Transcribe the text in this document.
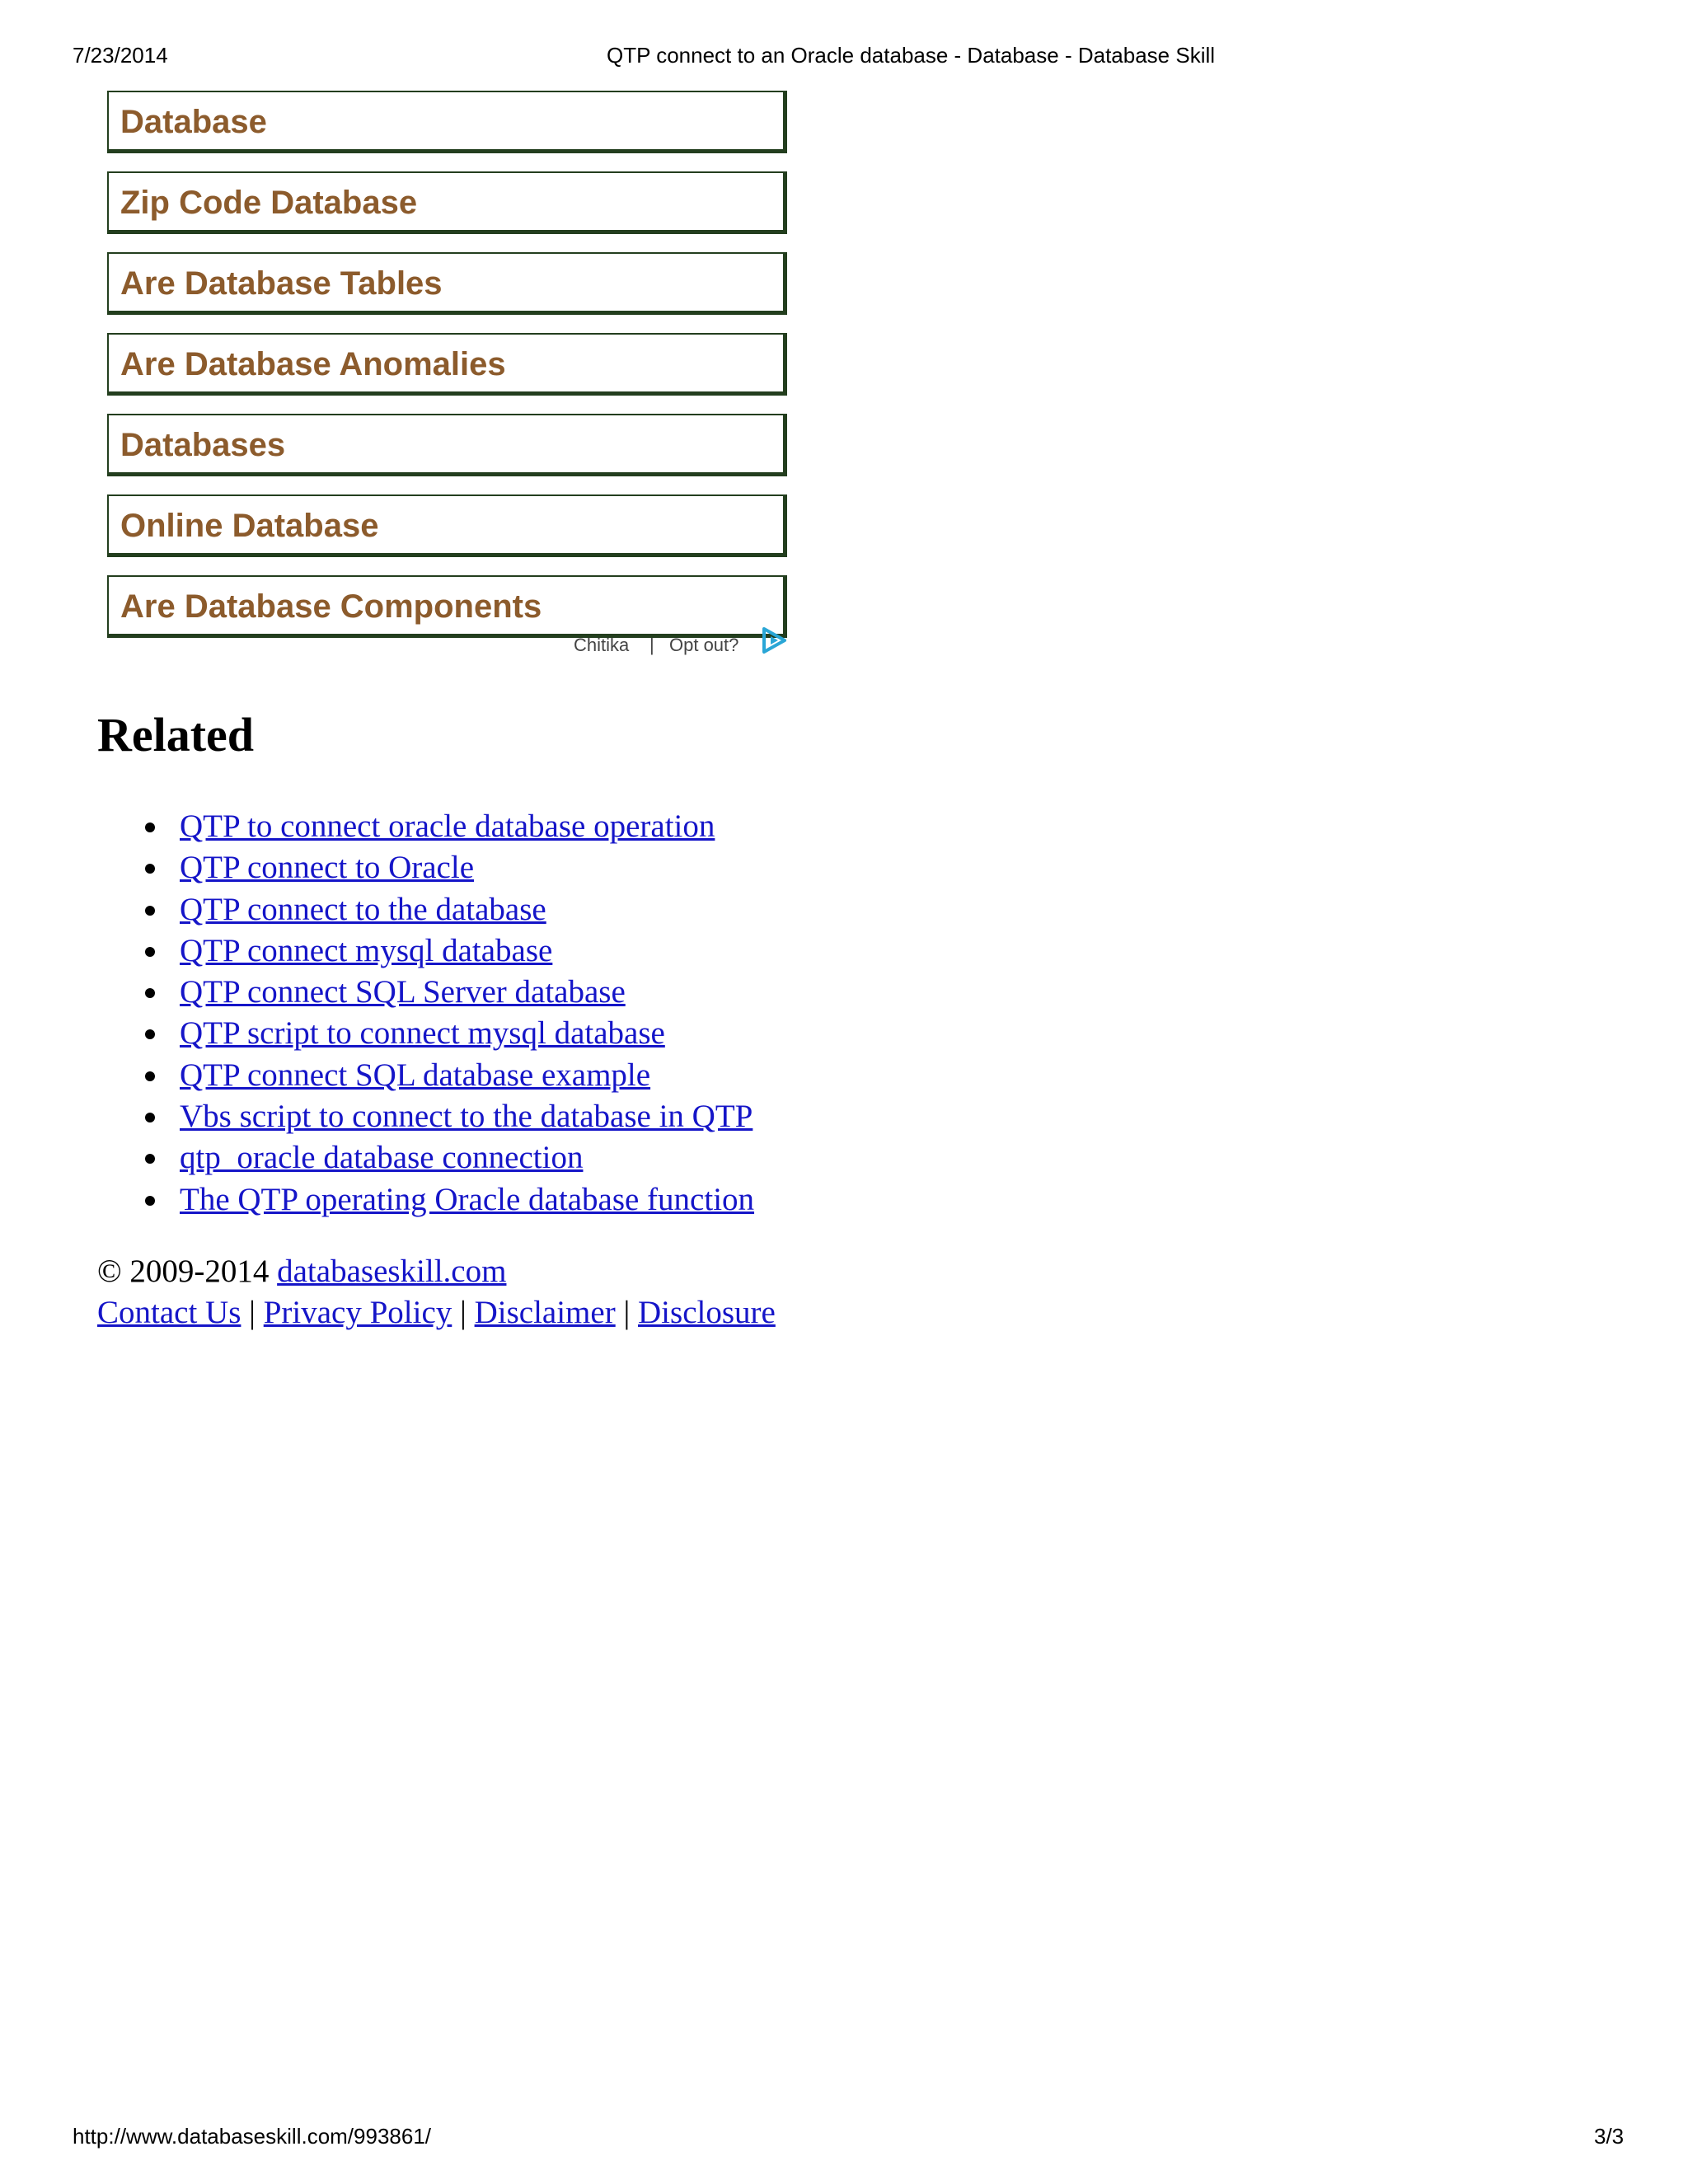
7/23/2014	QTP connect to an Oracle database - Database - Database Skill
Database
Zip Code Database
Are Database Tables
Are Database Anomalies
Databases
Online Database
Are Database Components
Chitika | Opt out?
Related
QTP to connect oracle database operation
QTP connect to Oracle
QTP connect to the database
QTP connect mysql database
QTP connect SQL Server database
QTP script to connect mysql database
QTP connect SQL database example
Vbs script to connect to the database in QTP
qtp_oracle database connection
The QTP operating Oracle database function
© 2009-2014 databaseskill.com
Contact Us | Privacy Policy | Disclaimer | Disclosure
http://www.databaseskill.com/993861/	3/3
